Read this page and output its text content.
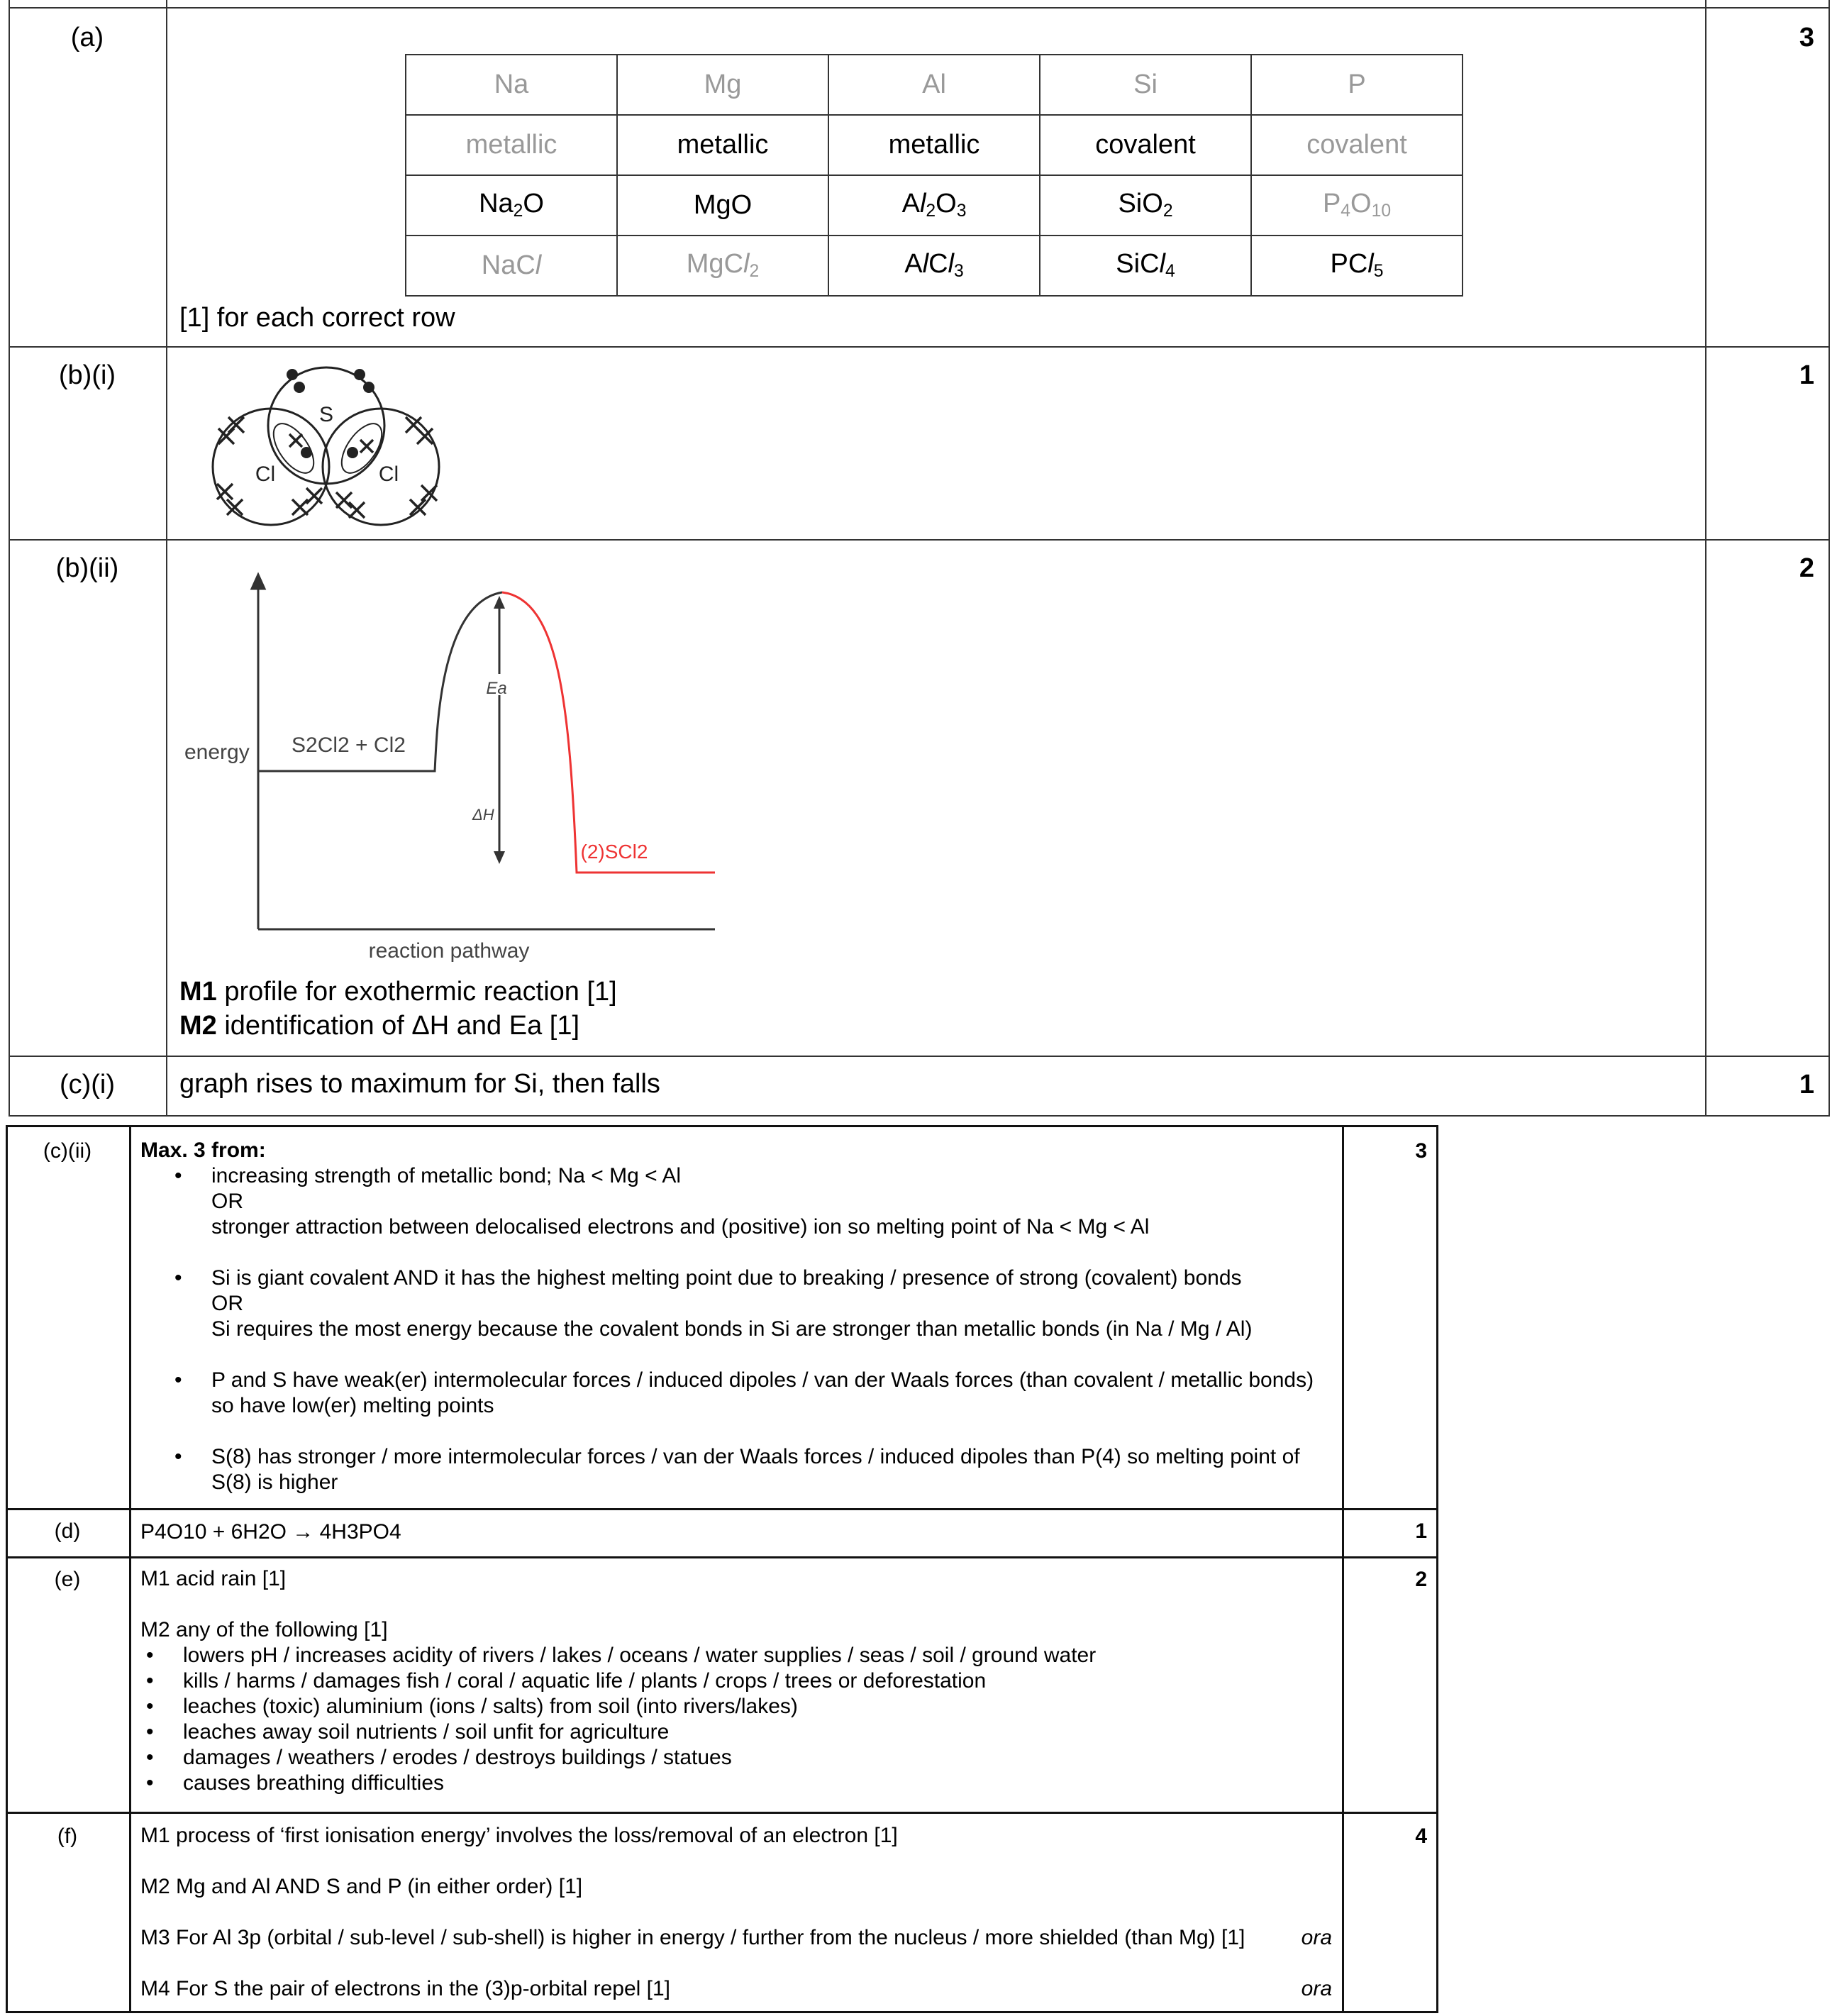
(a)	3
Na	Mg	Al	Si	P
metallic	metallic	metallic	covalent	covalent
$Na_2O$	MgO	$Al_2O_3$	SiO$_2$	$P_4O_{10}$
NaCl	MgCl$_2$	AlCl$_3$	SiCl$_4$	PCl$_5$
[1] for each correct row
(b)(i)	1
S
Cl	Cl
(b)(ii)	2
energy S2Cl2 + Cl2
Ea
ΔH
(2)SCl2
reaction pathway
M1 profile for exothermic reaction [1]
M2 identification of ΔH and Ea [1]
(c)(i)	graph rises to maximum for Si, then falls	1
(c)(ii)	3
Max. 3 from:
• increasing strength of metallic bond; Na < Mg < Al
OR
stronger attraction between delocalised electrons and (positive) ion so melting point of Na < Mg < Al
• Si is giant covalent AND it has the highest melting point due to breaking / presence of strong (covalent) bonds
OR
Si requires the most energy because the covalent bonds in Si are stronger than metallic bonds (in Na / Mg / Al)
• P and S have weak(er) intermolecular forces / induced dipoles / van der Waals forces (than covalent / metallic bonds)
so have low(er) melting points
• S(8) has stronger / more intermolecular forces / van der Waals forces / induced dipoles than P(4) so melting point of
S(8) is higher
(d)	P4O10 + 6H2O → 4H3PO4	1
(e)	2
M1 acid rain [1]
M2 any of the following [1]
• lowers pH / increases acidity of rivers / lakes / oceans / water supplies / seas / soil / ground water
• kills / harms / damages fish / coral / aquatic life / plants / crops / trees or deforestation
• leaches (toxic) aluminium (ions / salts) from soil (into rivers/lakes)
• leaches away soil nutrients / soil unfit for agriculture
• damages / weathers / erodes / destroys buildings / statues
• causes breathing difficulties
(f)	4
M1 process of ‘first ionisation energy’ involves the loss/removal of an electron [1]
M2 Mg and Al AND S and P (in either order) [1]
M3 For Al 3p (orbital / sub-level / sub-shell) is higher in energy / further from the nucleus / more shielded (than Mg) [1]	ora
M4 For S the pair of electrons in the (3)p-orbital repel [1]	ora
